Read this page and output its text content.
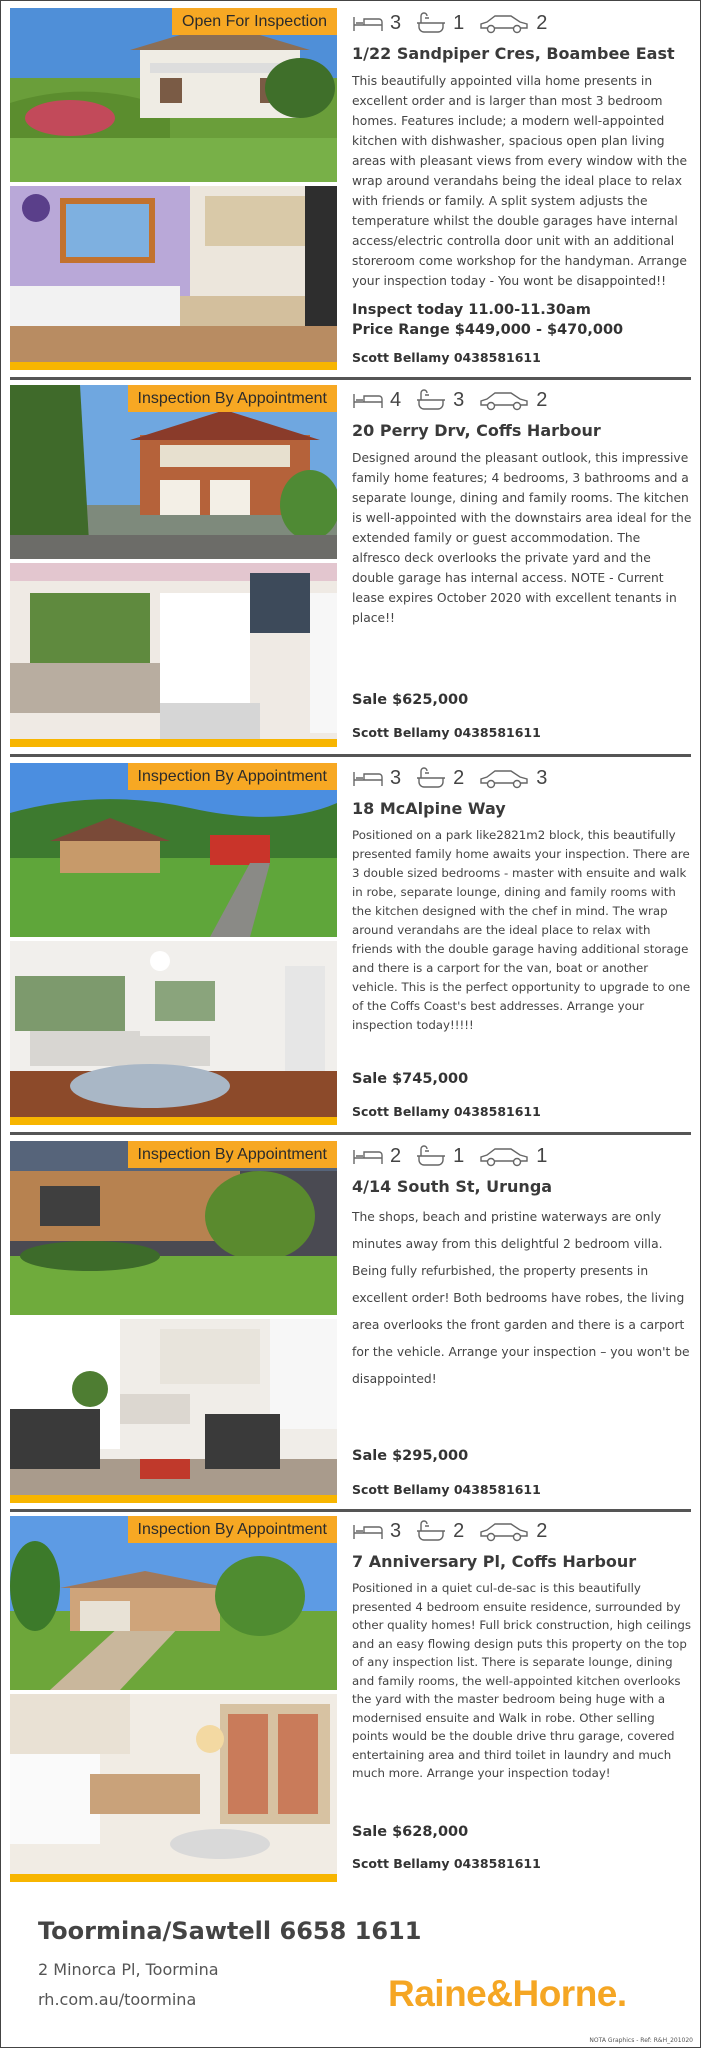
Open For Inspection	3	1	2
1/22 Sandpiper Cres, Boambee East
This beautifully appointed villa home presents in excellent order and is larger than most 3 bedroom homes. Features include; a modern well-appointed kitchen with dishwasher, spacious open plan living areas with pleasant views from every window with the wrap around verandahs being the ideal place to relax with friends or family. A split system adjusts the temperature whilst the double garages have internal access/electric controlla door unit with an additional storeroom come workshop for the handyman. Arrange your inspection today - You wont be disappointed!!
Inspect today 11.00-11.30am
Price Range $449,000 - $470,000
Scott Bellamy 0438581611
Inspection By Appointment	4	3	2
20 Perry Drv, Coffs Harbour
Designed around the pleasant outlook, this impressive family home features; 4 bedrooms, 3 bathrooms and a separate lounge, dining and family rooms. The kitchen is well-appointed with the downstairs area ideal for the extended family or guest accommodation. The alfresco deck overlooks the private yard and the double garage has internal access. NOTE - Current lease expires October 2020 with excellent tenants in place!!
Sale $625,000
Scott Bellamy 0438581611
Inspection By Appointment	3	2	3
18 McAlpine Way
Positioned on a park like2821m2 block, this beautifully presented family home awaits your inspection. There are 3 double sized bedrooms - master with ensuite and walk in robe, separate lounge, dining and family rooms with the kitchen designed with the chef in mind. The wrap around verandahs are the ideal place to relax with friends with the double garage having additional storage and there is a carport for the van, boat or another vehicle. This is the perfect opportunity to upgrade to one of the Coffs Coast's best addresses. Arrange your inspection today!!!!!
Sale $745,000
Scott Bellamy 0438581611
Inspection By Appointment	2	1	1
4/14 South St, Urunga
The shops, beach and pristine waterways are only minutes away from this delightful 2 bedroom villa. Being fully refurbished, the property presents in excellent order! Both bedrooms have robes, the living area overlooks the front garden and there is a carport for the vehicle. Arrange your inspection – you won't be disappointed!
Sale $295,000
Scott Bellamy 0438581611
Inspection By Appointment	3	2	2
7 Anniversary Pl, Coffs Harbour
Positioned in a quiet cul-de-sac is this beautifully presented 4 bedroom ensuite residence, surrounded by other quality homes! Full brick construction, high ceilings and an easy flowing design puts this property on the top of any inspection list. There is separate lounge, dining and family rooms, the well-appointed kitchen overlooks the yard with the master bedroom being huge with a modernised ensuite and Walk in robe. Other selling points would be the double drive thru garage, covered entertaining area and third toilet in laundry and much much more. Arrange your inspection today!
Sale $628,000
Scott Bellamy 0438581611
Toormina/Sawtell 6658 1611
2 Minorca Pl, Toormina
rh.com.au/toormina	Raine&Horne.
NOTA Graphics - Ref: R&H_201020
